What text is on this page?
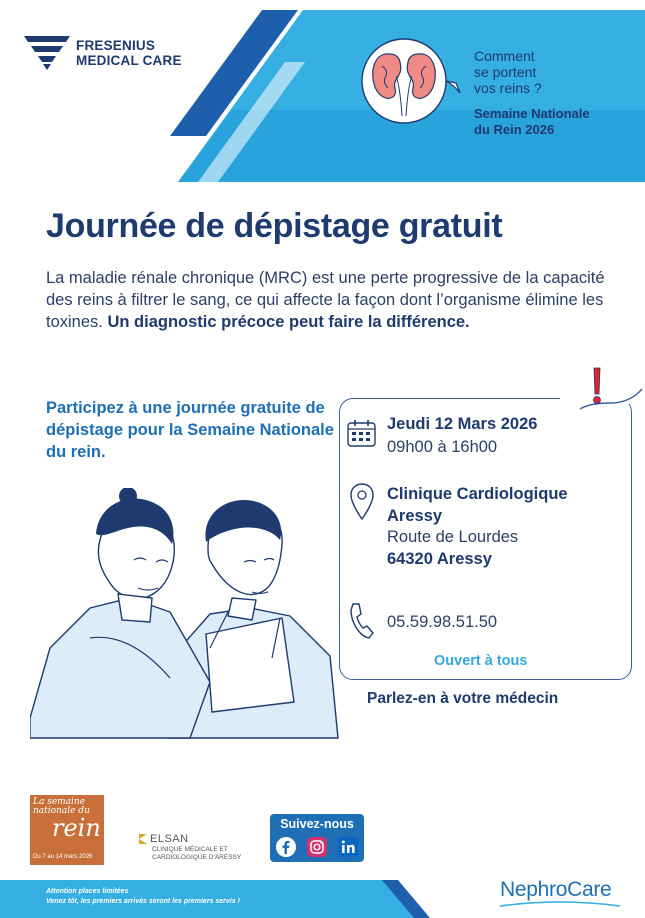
FRESENIUS
MEDICAL CARE	Comment
se portent
vos reins ?
Semaine Nationale
du Rein 2026
Journée de dépistage gratuit

La maladie rénale chronique (MRC) est une perte progressive de la capacité des reins à filtrer le sang, ce qui affecte la façon dont l’organisme élimine les toxines. Un diagnostic précoce peut faire la différence.

Participez à une journée gratuite de dépistage pour la Semaine Nationale du rein.
Jeudi 12 Mars 2026
09h00 à 16h00
Clinique Cardiologique
Aressy
Route de Lourdes
64320 Aressy
05.59.98.51.50
Ouvert à tous
Parlez-en à votre médecin
La semaine nationale du
rein
Du 7 au 14 mars 2026
ELSAN
CLINIQUE MÉDICALE ET CARDIOLOGIQUE D’ARESSY
Suivez-nous
Attention places limitées
Venez tôt, les premiers arrivés seront les premiers servis !
NephroCare
